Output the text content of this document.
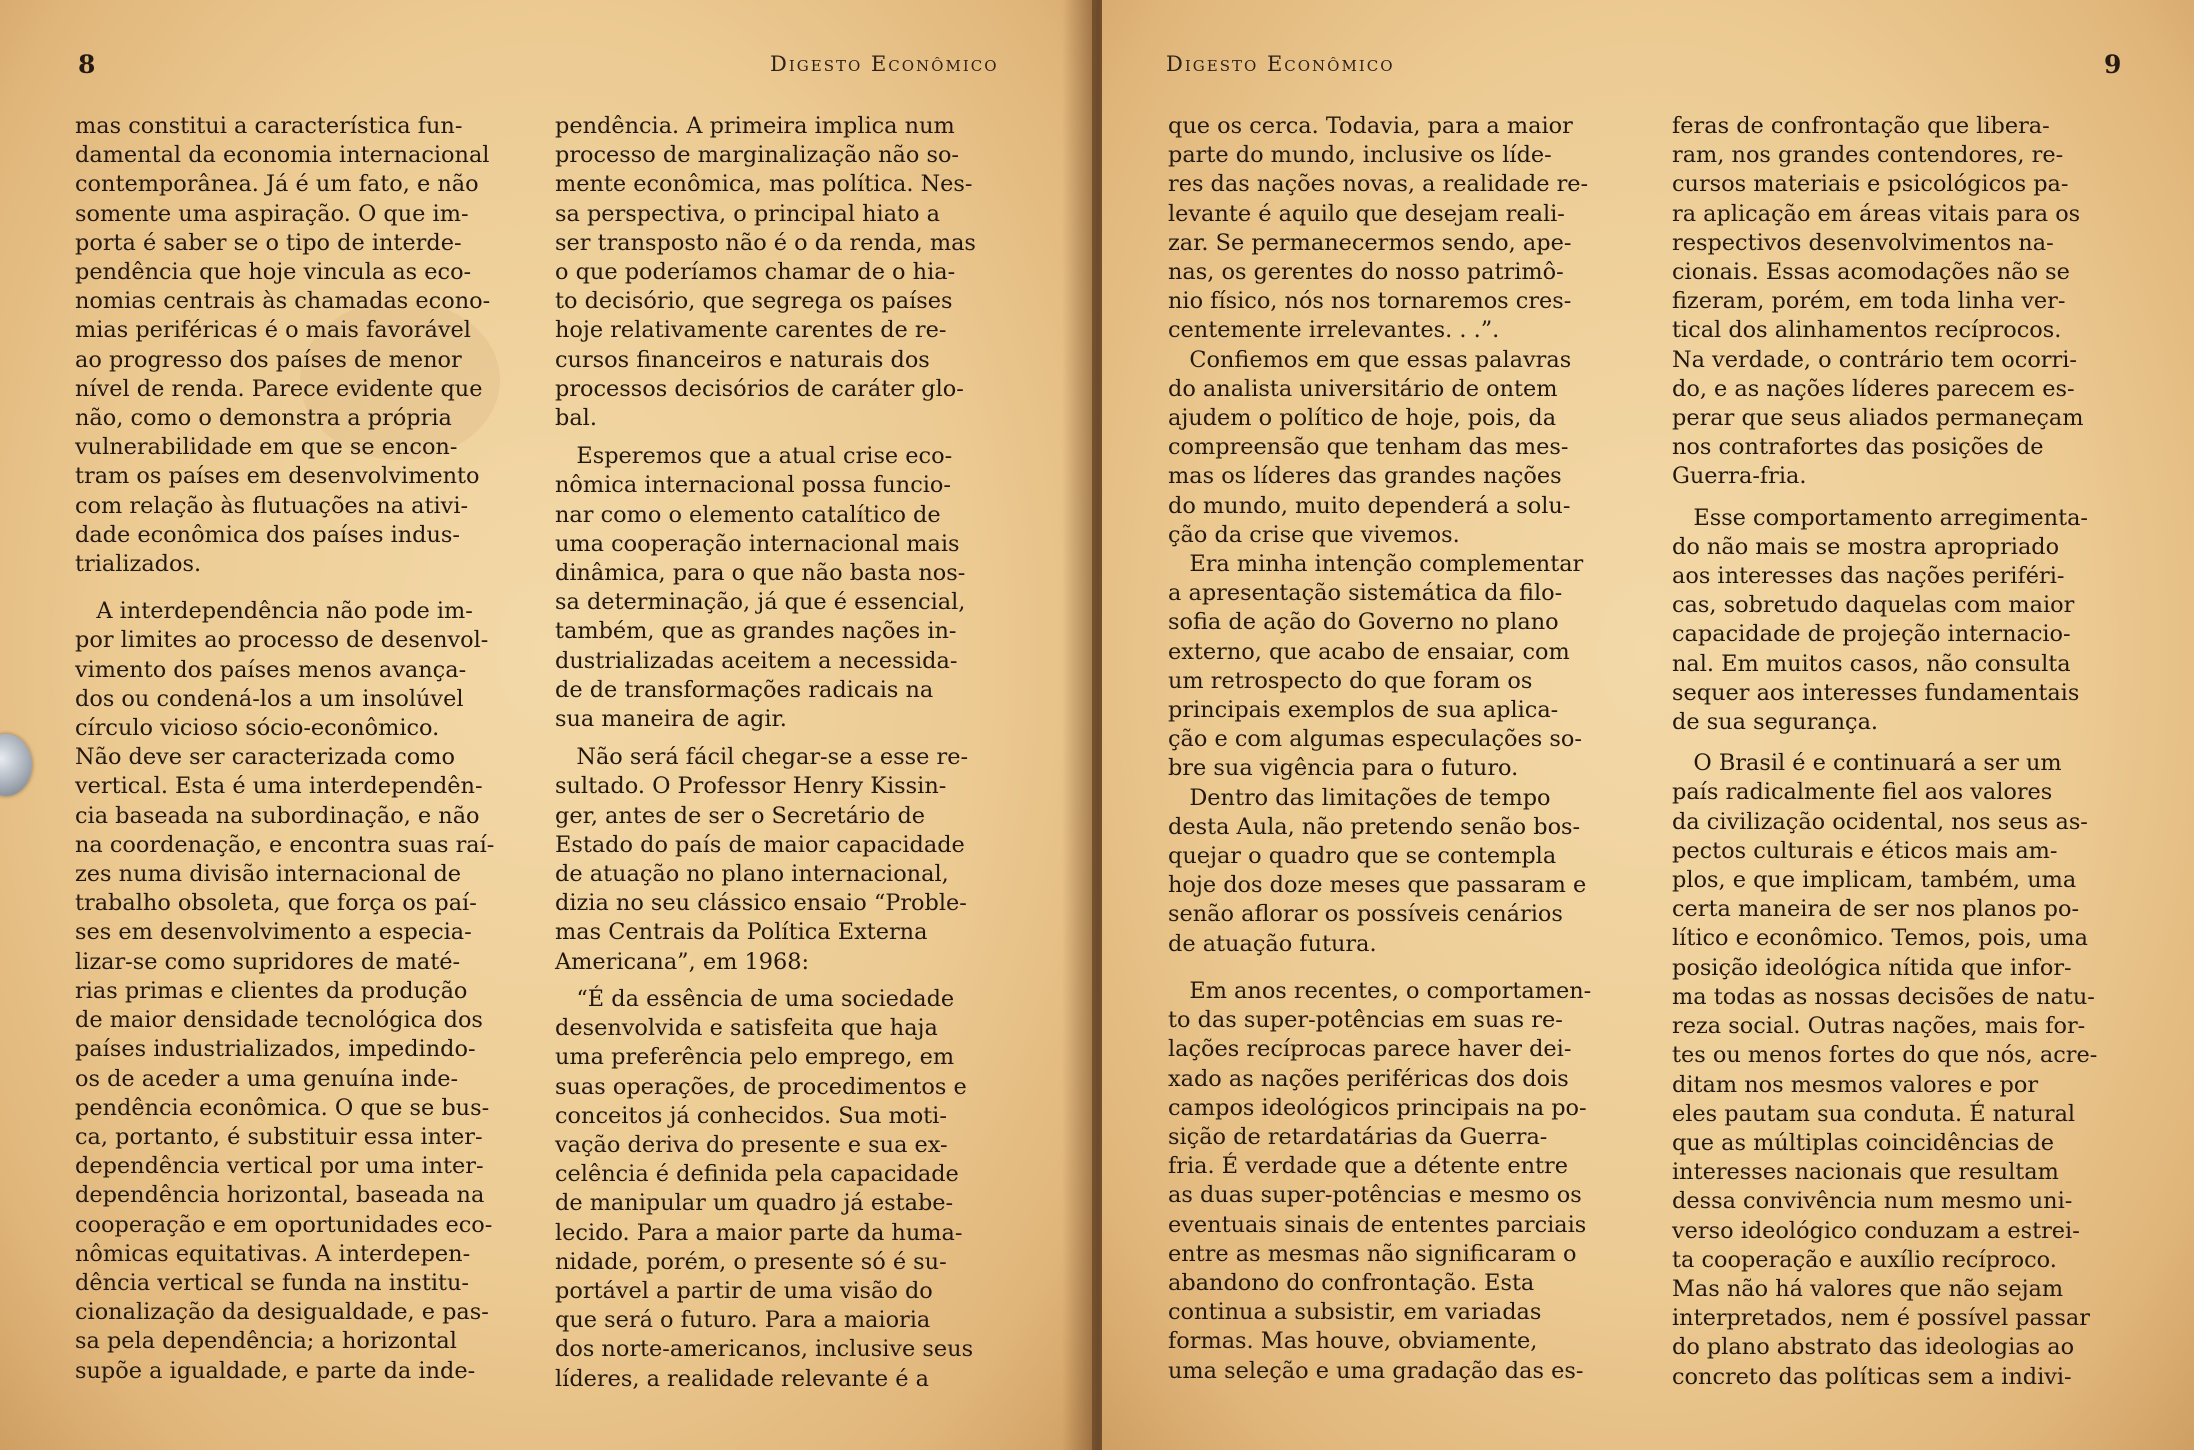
8	Digesto Econômico

mas constitui a característica fun-
damental da economia internacional
contemporânea. Já é um fato, e não
somente uma aspiração. O que im-
porta é saber se o tipo de interde-
pendência que hoje vincula as eco-
nomias centrais às chamadas econo-
mias periféricas é o mais favorável
ao progresso dos países de menor
nível de renda. Parece evidente que
não, como o demonstra a própria
vulnerabilidade em que se encon-
tram os países em desenvolvimento
com relação às flutuações na ativi-
dade econômica dos países indus-
trializados.

A interdependência não pode im-
por limites ao processo de desenvol-
vimento dos países menos avança-
dos ou condená-los a um insolúvel
círculo vicioso sócio-econômico.
Não deve ser caracterizada como
vertical. Esta é uma interdependên-
cia baseada na subordinação, e não
na coordenação, e encontra suas raí-
zes numa divisão internacional de
trabalho obsoleta, que força os paí-
ses em desenvolvimento a especia-
lizar-se como supridores de maté-
rias primas e clientes da produção
de maior densidade tecnológica dos
países industrializados, impedindo-
os de aceder a uma genuína inde-
pendência econômica. O que se bus-
ca, portanto, é substituir essa inter-
dependência vertical por uma inter-
dependência horizontal, baseada na
cooperação e em oportunidades eco-
nômicas equitativas. A interdepen-
dência vertical se funda na institu-
cionalização da desigualdade, e pas-
sa pela dependência; a horizontal
supõe a igualdade, e parte da inde-

pendência. A primeira implica num
processo de marginalização não so-
mente econômica, mas política. Nes-
sa perspectiva, o principal hiato a
ser transposto não é o da renda, mas
o que poderíamos chamar de o hia-
to decisório, que segrega os países
hoje relativamente carentes de re-
cursos financeiros e naturais dos
processos decisórios de caráter glo-
bal.

Esperemos que a atual crise eco-
nômica internacional possa funcio-
nar como o elemento catalítico de
uma cooperação internacional mais
dinâmica, para o que não basta nos-
sa determinação, já que é essencial,
também, que as grandes nações in-
dustrializadas aceitem a necessida-
de de transformações radicais na
sua maneira de agir.

Não será fácil chegar-se a esse re-
sultado. O Professor Henry Kissin-
ger, antes de ser o Secretário de
Estado do país de maior capacidade
de atuação no plano internacional,
dizia no seu clássico ensaio “Proble-
mas Centrais da Política Externa
Americana”, em 1968:

“É da essência de uma sociedade
desenvolvida e satisfeita que haja
uma preferência pelo emprego, em
suas operações, de procedimentos e
conceitos já conhecidos. Sua moti-
vação deriva do presente e sua ex-
celência é definida pela capacidade
de manipular um quadro já estabe-
lecido. Para a maior parte da huma-
nidade, porém, o presente só é su-
portável a partir de uma visão do
que será o futuro. Para a maioria
dos norte-americanos, inclusive seus
líderes, a realidade relevante é a

Digesto Econômico	9

que os cerca. Todavia, para a maior
parte do mundo, inclusive os líde-
res das nações novas, a realidade re-
levante é aquilo que desejam reali-
zar. Se permanecermos sendo, ape-
nas, os gerentes do nosso patrimô-
nio físico, nós nos tornaremos cres-
centemente irrelevantes. . .”.

Confiemos em que essas palavras
do analista universitário de ontem
ajudem o político de hoje, pois, da
compreensão que tenham das mes-
mas os líderes das grandes nações
do mundo, muito dependerá a solu-
ção da crise que vivemos.

Era minha intenção complementar
a apresentação sistemática da filo-
sofia de ação do Governo no plano
externo, que acabo de ensaiar, com
um retrospecto do que foram os
principais exemplos de sua aplica-
ção e com algumas especulações so-
bre sua vigência para o futuro.

Dentro das limitações de tempo
desta Aula, não pretendo senão bos-
quejar o quadro que se contempla
hoje dos doze meses que passaram e
senão aflorar os possíveis cenários
de atuação futura.

Em anos recentes, o comportamen-
to das super-potências em suas re-
lações recíprocas parece haver dei-
xado as nações periféricas dos dois
campos ideológicos principais na po-
sição de retardatárias da Guerra-
fria. É verdade que a détente entre
as duas super-potências e mesmo os
eventuais sinais de ententes parciais
entre as mesmas não significaram o
abandono do confrontação. Esta
continua a subsistir, em variadas
formas. Mas houve, obviamente,
uma seleção e uma gradação das es-

feras de confrontação que libera-
ram, nos grandes contendores, re-
cursos materiais e psicológicos pa-
ra aplicação em áreas vitais para os
respectivos desenvolvimentos na-
cionais. Essas acomodações não se
fizeram, porém, em toda linha ver-
tical dos alinhamentos recíprocos.
Na verdade, o contrário tem ocorri-
do, e as nações líderes parecem es-
perar que seus aliados permaneçam
nos contrafortes das posições de
Guerra-fria.

Esse comportamento arregimenta-
do não mais se mostra apropriado
aos interesses das nações periféri-
cas, sobretudo daquelas com maior
capacidade de projeção internacio-
nal. Em muitos casos, não consulta
sequer aos interesses fundamentais
de sua segurança.

O Brasil é e continuará a ser um
país radicalmente fiel aos valores
da civilização ocidental, nos seus as-
pectos culturais e éticos mais am-
plos, e que implicam, também, uma
certa maneira de ser nos planos po-
lítico e econômico. Temos, pois, uma
posição ideológica nítida que infor-
ma todas as nossas decisões de natu-
reza social. Outras nações, mais for-
tes ou menos fortes do que nós, acre-
ditam nos mesmos valores e por
eles pautam sua conduta. É natural
que as múltiplas coincidências de
interesses nacionais que resultam
dessa convivência num mesmo uni-
verso ideológico conduzam a estrei-
ta cooperação e auxílio recíproco.
Mas não há valores que não sejam
interpretados, nem é possível passar
do plano abstrato das ideologias ao
concreto das políticas sem a indivi-
